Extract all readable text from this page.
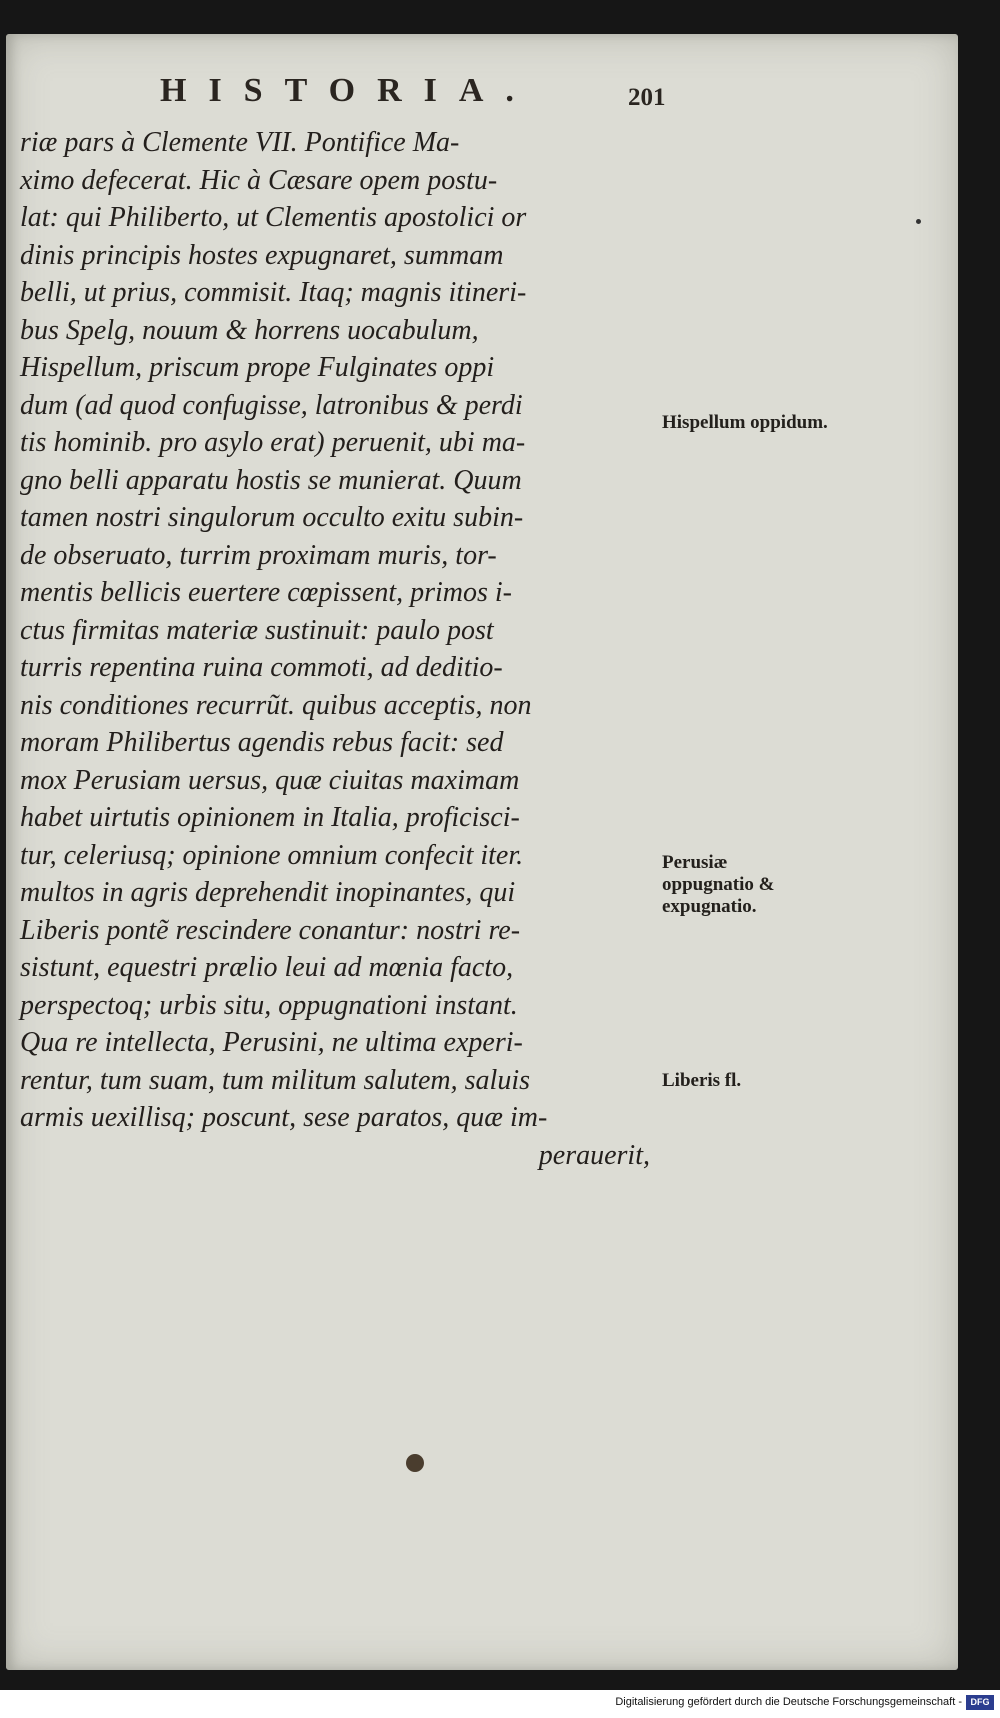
HISTORIA.	201
riæ pars à Clemente VII. Pontifice Ma-
ximo defecerat. Hic à Cæsare opem postu-
lat: qui Philiberto, ut Clementis apostolici or
dinis principis hostes expugnaret, summam
belli, ut prius, commisit. Itaq; magnis itineri-
bus Spelg, nouum & horrens uocabulum,
Hispellum, priscum prope Fulginates oppi
dum (ad quod confugisse, latronibus & perdi
tis hominib. pro asylo erat) peruenit, ubi ma-
gno belli apparatu hostis se munierat. Quum
tamen nostri singulorum occulto exitu subin-
de obseruato, turrim proximam muris, tor-
mentis bellicis euertere cœpissent, primos i-
ctus firmitas materiæ sustinuit: paulo post
turris repentina ruina commoti, ad deditio-
nis conditiones recurrũt. quibus acceptis, non
moram Philibertus agendis rebus facit: sed
mox Perusiam uersus, quæ ciuitas maximam
habet uirtutis opinionem in Italia, proficisci-
tur, celeriusq; opinione omnium confecit iter.
multos in agris deprehendit inopinantes, qui
Liberis pontẽ rescindere conantur: nostri re-
sistunt, equestri prælio leui ad mœnia facto,
perspectoq; urbis situ, oppugnationi instant.
Qua re intellecta, Perusini, ne ultima experi-
rentur, tum suam, tum militum salutem, saluis
armis uexillisq; poscunt, sese paratos, quæ im-
perauerit,
Hispellum oppidum.
Perusiæ oppugnatio & expugnatio.
Liberis fl.
Digitalisierung gefördert durch die Deutsche Forschungsgemeinschaft - DFG
